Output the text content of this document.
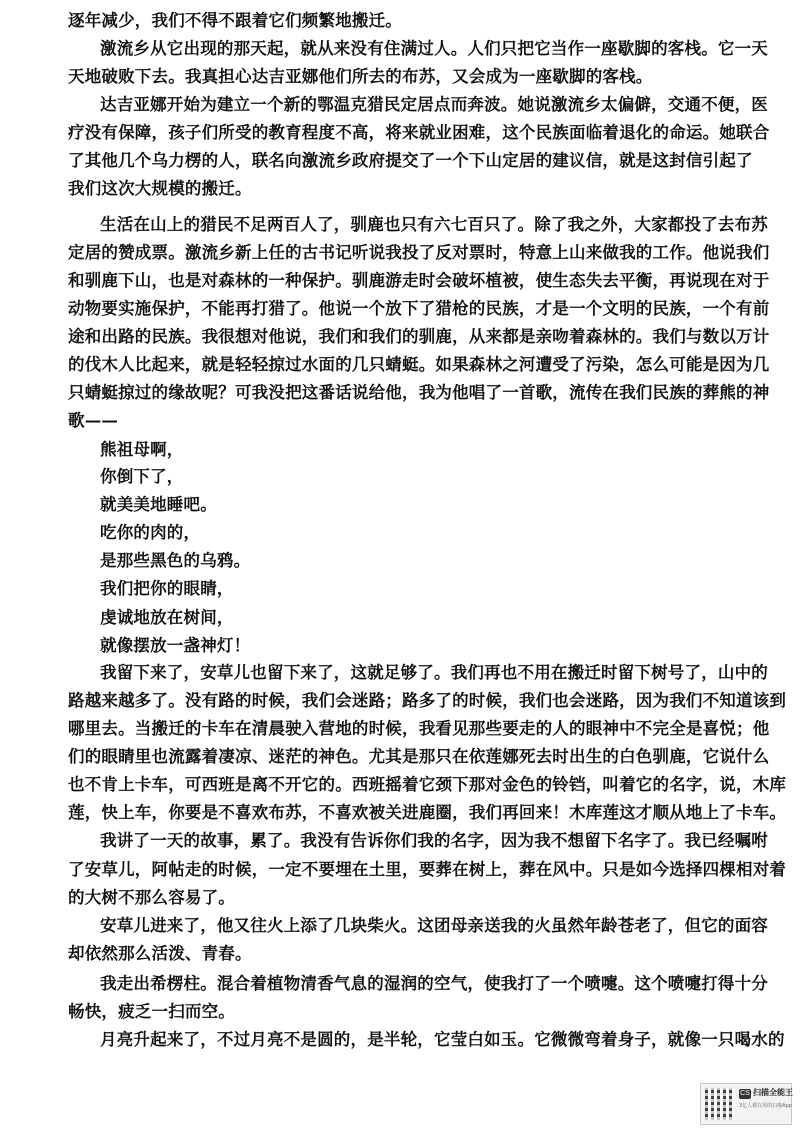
逐年减少，我们不得不跟着它们频繁地搬迁。
激流乡从它出现的那天起，就从来没有住满过人。人们只把它当作一座歇脚的客栈。它一天
天地破败下去。我真担心达吉亚娜他们所去的布苏，又会成为一座歇脚的客栈。
达吉亚娜开始为建立一个新的鄂温克猎民定居点而奔波。她说激流乡太偏僻，交通不便，医
疗没有保障，孩子们所受的教育程度不高，将来就业困难，这个民族面临着退化的命运。她联合
了其他几个乌力楞的人，联名向激流乡政府提交了一个下山定居的建议信，就是这封信引起了
我们这次大规模的搬迁。
生活在山上的猎民不足两百人了，驯鹿也只有六七百只了。除了我之外，大家都投了去布苏
定居的赞成票。激流乡新上任的古书记听说我投了反对票时，特意上山来做我的工作。他说我们
和驯鹿下山，也是对森林的一种保护。驯鹿游走时会破坏植被，使生态失去平衡，再说现在对于
动物要实施保护，不能再打猎了。他说一个放下了猎枪的民族，才是一个文明的民族，一个有前
途和出路的民族。我很想对他说，我们和我们的驯鹿，从来都是亲吻着森林的。我们与数以万计
的伐木人比起来，就是轻轻掠过水面的几只蜻蜓。如果森林之河遭受了污染，怎么可能是因为几
只蜻蜓掠过的缘故呢？可我没把这番话说给他，我为他唱了一首歌，流传在我们民族的葬熊的神
歌——
熊祖母啊，
你倒下了，
就美美地睡吧。
吃你的肉的，
是那些黑色的乌鸦。
我们把你的眼睛，
虔诚地放在树间，
就像摆放一盏神灯！
我留下来了，安草儿也留下来了，这就足够了。我们再也不用在搬迁时留下树号了，山中的
路越来越多了。没有路的时候，我们会迷路；路多了的时候，我们也会迷路，因为我们不知道该到
哪里去。当搬迁的卡车在清晨驶入营地的时候，我看见那些要走的人的眼神中不完全是喜悦；他
们的眼睛里也流露着凄凉、迷茫的神色。尤其是那只在依莲娜死去时出生的白色驯鹿，它说什么
也不肯上卡车，可西班是离不开它的。西班摇着它颈下那对金色的铃铛，叫着它的名字，说，木库
莲，快上车，你要是不喜欢布苏，不喜欢被关进鹿圈，我们再回来！木库莲这才顺从地上了卡车。
我讲了一天的故事，累了。我没有告诉你们我的名字，因为我不想留下名字了。我已经嘱咐
了安草儿，阿帖走的时候，一定不要埋在土里，要葬在树上，葬在风中。只是如今选择四棵相对着
的大树不那么容易了。
安草儿进来了，他又往火上添了几块柴火。这团母亲送我的火虽然年龄苍老了，但它的面容
却依然那么活泼、青春。
我走出希楞柱。混合着植物清香气息的湿润的空气，使我打了一个喷嚏。这个喷嚏打得十分
畅快，疲乏一扫而空。
月亮升起来了，不过月亮不是圆的，是半轮，它莹白如玉。它微微弯着身子，就像一只喝水的
CS 扫描全能王
3亿人都在用的扫描App
